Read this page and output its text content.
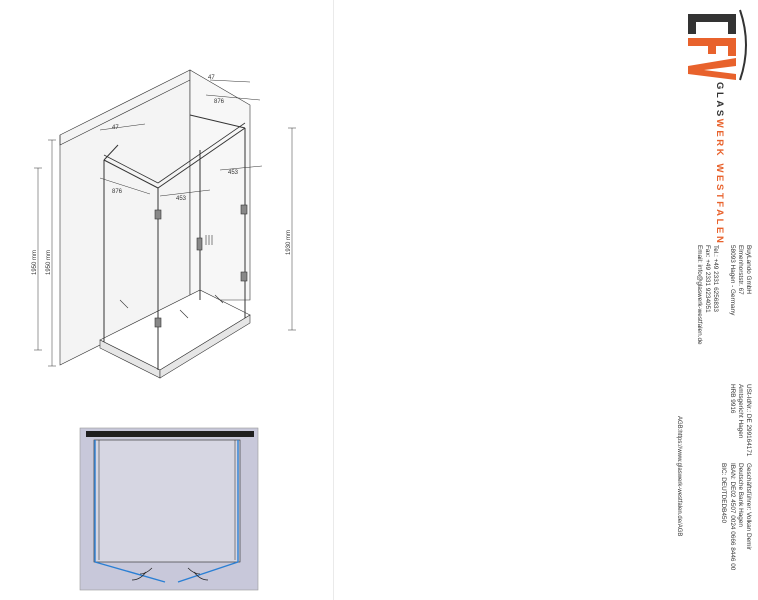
47
876
47
876
453
453
1950 mm 1950 mm
1930 mm
GLASWERK WESTFALEN
BuyLando GmbH
Elmenhorststr. 67
58093 Hagen - Germany
Tel.: +49 2331 6256833
Fax: +49 2331 9234051
Email: info@glaswerk-westfalen.de
USt-IdNr.: DE 299164171
Amtsgericht Hagen
HRB 9916
Geschäftsführer: Volkan Demir
Deutsche Bank Hagen
IBAN: DE02 4507 0024 0666 8446 00
BIC: DEUTDEDB450
AGB:https://www.glaswerk-westfalen.de/AGB
